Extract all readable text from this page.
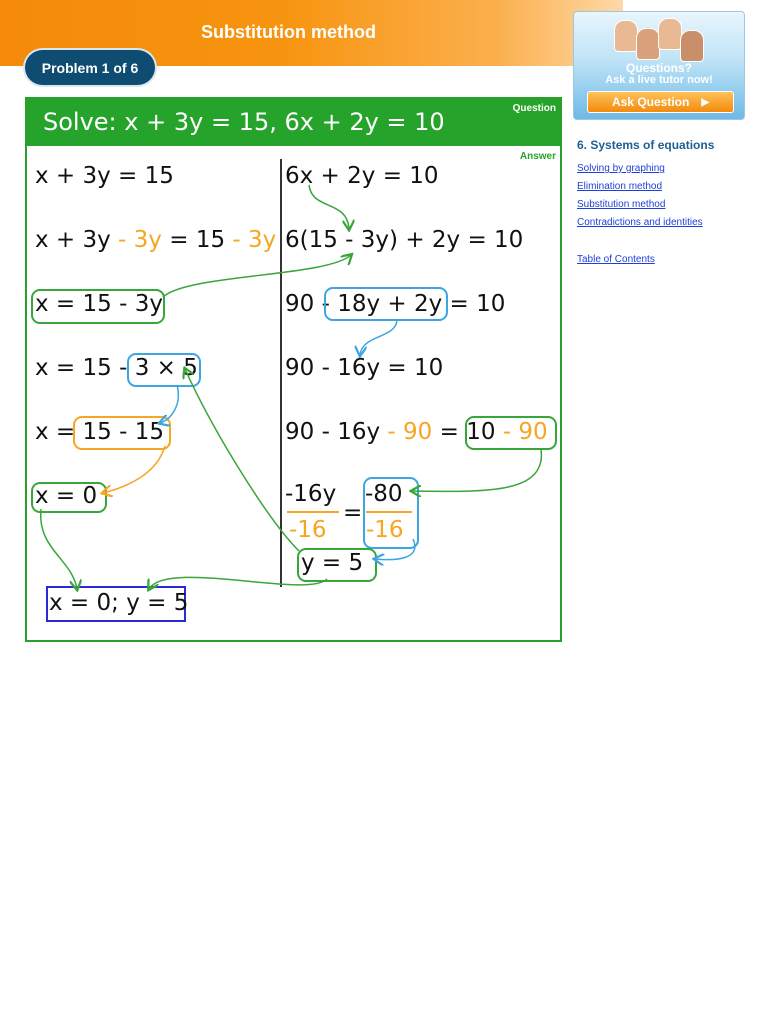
Substitution method
Problem 1 of 6
Solve: x + 3y = 15, 6x + 2y = 10	Question
Answer
x + 3y = 15
x + 3y - 3y = 15 - 3y
x = 15 - 3y
x = 15 - 3 × 5
x = 15 - 15
x = 0
x = 0; y = 5
6x + 2y = 10
6(15 - 3y) + 2y = 10
90 - 18y + 2y = 10
90 - 16y = 10
90 - 16y - 90 = 10 - 90
-16y
-16
=
-80
-16
y = 5
Questions?
Ask a live tutor now!
Ask Question ▶
6. Systems of equations
Solving by graphing
Elimination method
Substitution method
Contradictions and identities
Table of Contents
